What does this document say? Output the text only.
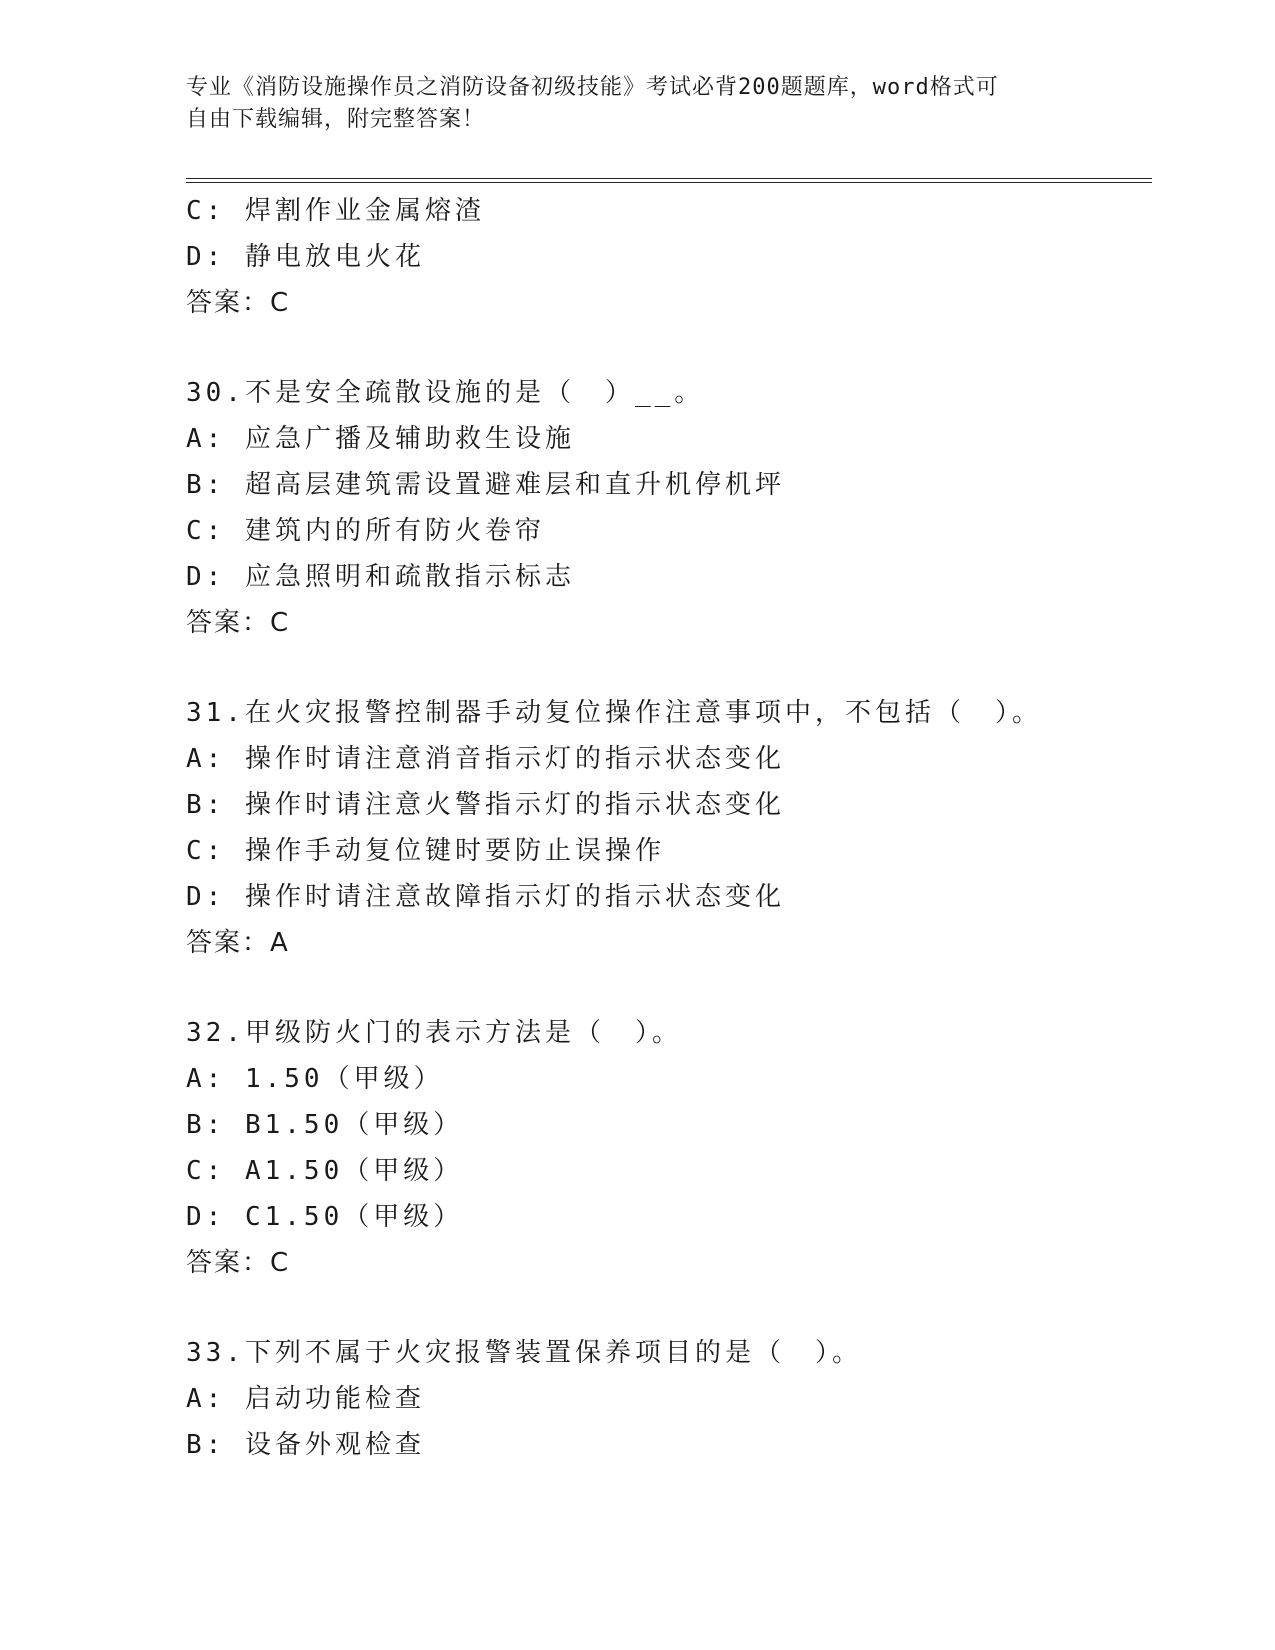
专业《消防设施操作员之消防设备初级技能》考试必背200题题库，word格式可
自由下载编辑，附完整答案！
C: 焊割作业金属熔渣
D: 静电放电火花
答案：C
30.不是安全疏散设施的是（　）__。
A: 应急广播及辅助救生设施
B: 超高层建筑需设置避难层和直升机停机坪
C: 建筑内的所有防火卷帘
D: 应急照明和疏散指示标志
答案：C
31.在火灾报警控制器手动复位操作注意事项中，不包括（　）。
A: 操作时请注意消音指示灯的指示状态变化
B: 操作时请注意火警指示灯的指示状态变化
C: 操作手动复位键时要防止误操作
D: 操作时请注意故障指示灯的指示状态变化
答案：A
32.甲级防火门的表示方法是（　）。
A: 1.50（甲级）
B: B1.50（甲级）
C: A1.50（甲级）
D: C1.50（甲级）
答案：C
33.下列不属于火灾报警装置保养项目的是（　）。
A: 启动功能检查
B: 设备外观检查
